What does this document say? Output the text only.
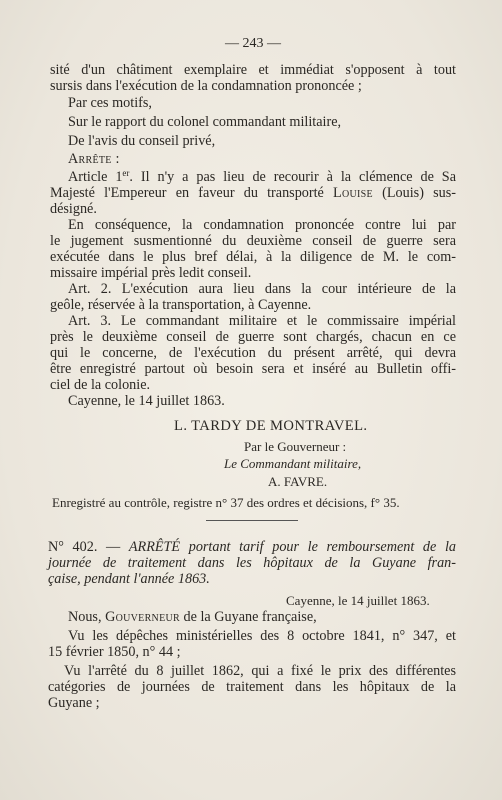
— 243 —

sité d'un châtiment exemplaire et immédiat s'opposent à tout

sursis dans l'exécution de la condamnation prononcée ;

Par ces motifs,

Sur le rapport du colonel commandant militaire,

De l'avis du conseil privé,

Arrête :

Article 1er. Il n'y a pas lieu de recourir à la clémence de Sa

Majesté l'Empereur en faveur du transporté Louise (Louis) sus-

désigné.

En conséquence, la condamnation prononcée contre lui par

le jugement susmentionné du deuxième conseil de guerre sera

exécutée dans le plus bref délai, à la diligence de M. le com-

missaire impérial près ledit conseil.

Art. 2. L'exécution aura lieu dans la cour intérieure de la

geôle, réservée à la transportation, à Cayenne.

Art. 3. Le commandant militaire et le commissaire impérial

près le deuxième conseil de guerre sont chargés, chacun en ce

qui le concerne, de l'exécution du présent arrêté, qui devra

être enregistré partout où besoin sera et inséré au Bulletin offi-

ciel de la colonie.

Cayenne, le 14 juillet 1863.

L. TARDY DE MONTRAVEL.

Par le Gouverneur :

Le Commandant militaire,

A. FAVRE.

Enregistré au contrôle, registre n° 37 des ordres et décisions, f° 35.

N° 402. — ARRÊTÉ portant tarif pour le remboursement de la

journée de traitement dans les hôpitaux de la Guyane fran-

çaise, pendant l'année 1863.

Cayenne, le 14 juillet 1863.

Nous, Gouverneur de la Guyane française,

Vu les dépêches ministérielles des 8 octobre 1841, n° 347, et

15 février 1850, n° 44 ;

Vu l'arrêté du 8 juillet 1862, qui a fixé le prix des différentes

catégories de journées de traitement dans les hôpitaux de la

Guyane ;
